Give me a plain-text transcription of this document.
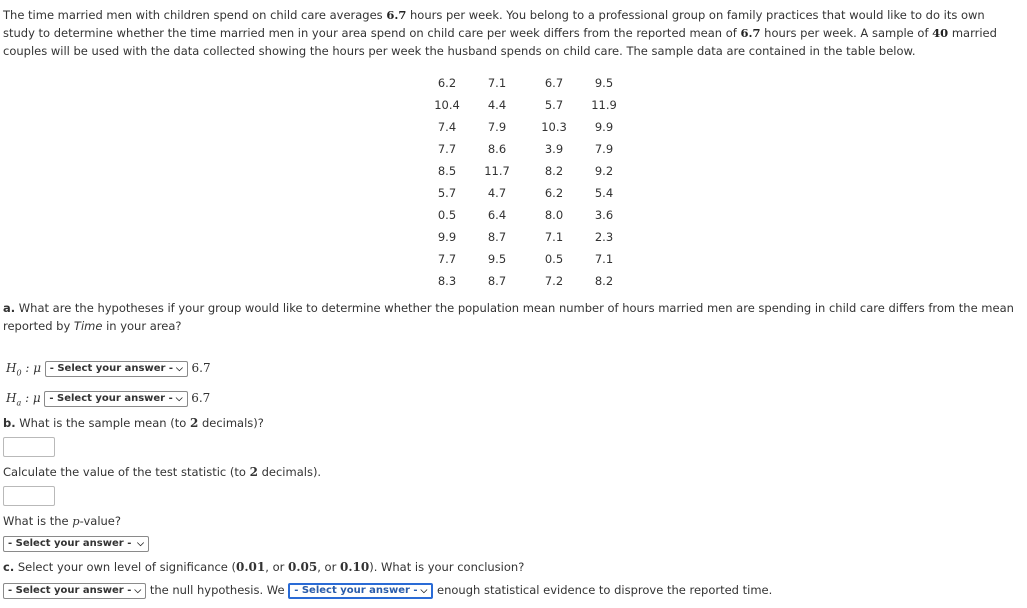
The time married men with children spend on child care averages 6.7 hours per week. You belong to a professional group on family practices that would like to do its own study to determine whether the time married men in your area spend on child care per week differs from the reported mean of 6.7 hours per week. A sample of 40 married couples will be used with the data collected showing the hours per week the husband spends on child care. The sample data are contained in the table below.
6.2	7.1	6.7	9.5
10.4	4.4	5.7	11.9
7.4	7.9	10.3	9.9
7.7	8.6	3.9	7.9
8.5	11.7	8.2	9.2
5.7	4.7	6.2	5.4
0.5	6.4	8.0	3.6
9.9	8.7	7.1	2.3
7.7	9.5	0.5	7.1
8.3	8.7	7.2	8.2
a. What are the hypotheses if your group would like to determine whether the population mean number of hours married men are spending in child care differs from the mean reported by Time in your area?
$H_0$ : μ - Select your answer - ⌵ 6.7
$H_a$ : μ - Select your answer - ⌵ 6.7
b. What is the sample mean (to 2 decimals)?
Calculate the value of the test statistic (to 2 decimals).
What is the p-value?
- Select your answer - ⌵
c. Select your own level of significance (0.01, or 0.05, or 0.10). What is your conclusion?
- Select your answer - ⌵ the null hypothesis. We - Select your answer - ⌵ enough statistical evidence to disprove the reported time.
